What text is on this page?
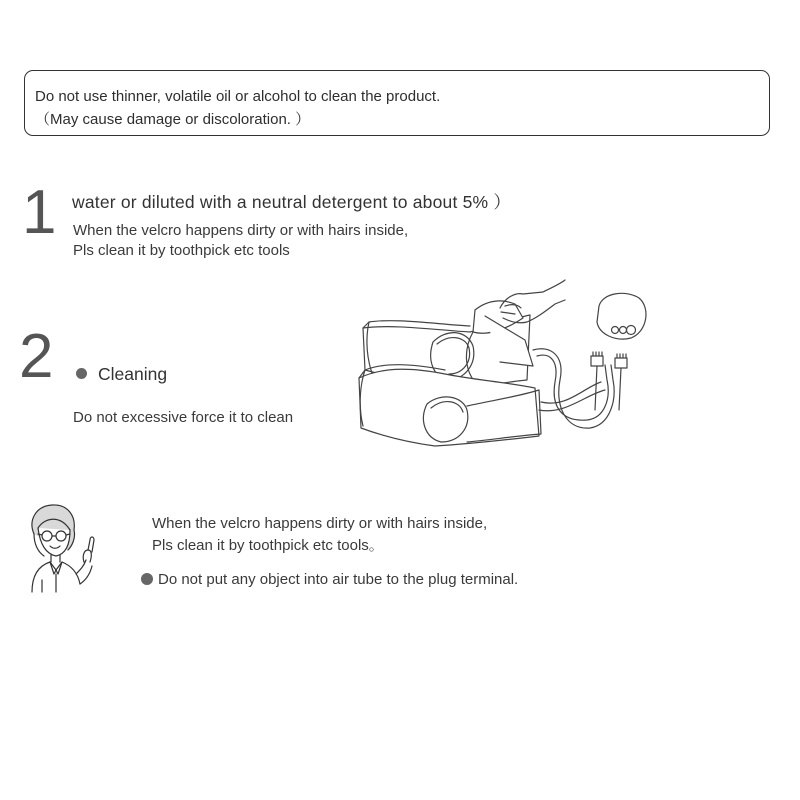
Do not use thinner, volatile oil or alcohol to clean the product.
（May cause damage or discoloration. ）
1 water or diluted with a neutral detergent to about 5% ）
When the velcro happens dirty or with hairs inside,
Pls clean it by toothpick etc tools
2	Cleaning
Do not excessive force it to clean
When the velcro happens dirty or with hairs inside,
Pls clean it by toothpick etc tools。
Do not put any object into air tube to the plug terminal.
